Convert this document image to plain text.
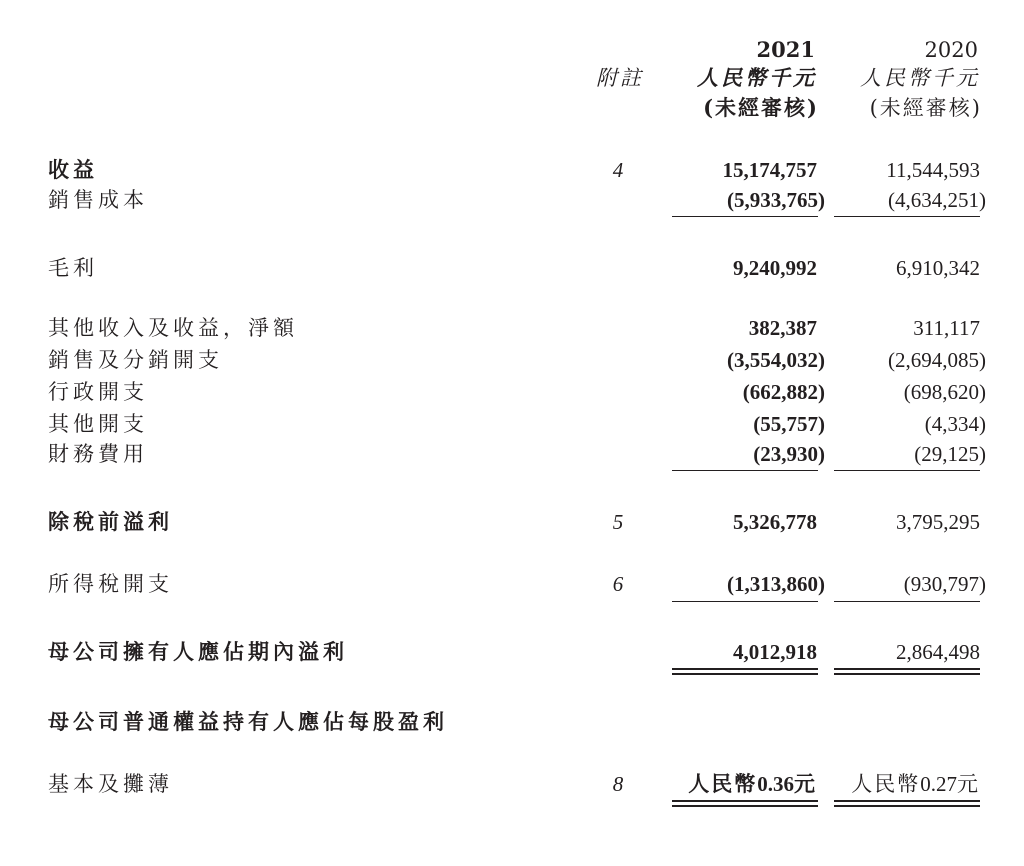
2021	2020
附註	人民幣千元 人民幣千元
(未經審核) (未經審核)
收益	4	15,174,757	11,544,593
銷售成本	(5,933,765)	(4,634,251)
毛利	9,240,992	6,910,342
其他收入及收益，淨額	382,387	311,117
銷售及分銷開支	(3,554,032)	(2,694,085)
行政開支	(662,882)	(698,620)
其他開支	(55,757)	(4,334)
財務費用	(23,930)	(29,125)
除稅前溢利	5	5,326,778	3,795,295
所得稅開支	6	(1,313,860)	(930,797)
母公司擁有人應佔期內溢利	4,012,918	2,864,498
母公司普通權益持有人應佔每股盈利
基本及攤薄	8	人民幣0.36元 人民幣0.27元
